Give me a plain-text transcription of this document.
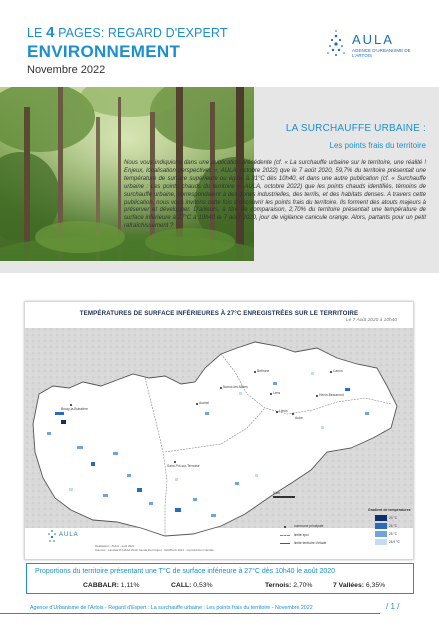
LE 4 PAGES: REGARD D'EXPERT
ENVIRONNEMENT
Novembre 2022
AULA
AGENCE D'URBANISME DE L'ARTOIS
LA SURCHAUFFE URBAINE :
Les points frais du territoire
Nous vous indiquions dans une publication précédente (cf. « La surchauffe urbaine sur le territoire, une réalité ! Enjeux, localisation perspectives », AULA, octobre 2022) que le 7 août 2020, 59,7% du territoire présentait une température de surface supérieure ou égale à 31°C dès 10h40, et dans une autre publication (cf. « Surchauffe urbaine : Les points chauds du territoire », AULA, octobre 2022) que les points chauds identifiés, témoins de surchauffe urbaine, correspondaient à des zones industrielles, des terrils, et des habitats denses. A travers cette publication, nous vous invitons cette fois à découvrir les points frais du territoire. Ils forment des atouts majeurs à préserver et développer. D'ailleurs, à titre de comparaison, 2,70% du territoire présentait une température de surface inférieure à 27°C à 10h40 le 7 août 2020, jour de vigilance canicule orange. Alors, partants pour un petit rafraîchissement ?
TEMPÉRATURES DE SURFACE INFÉRIEURES À 27°C ENREGISTRÉES SUR LE TERRITOIRE
Le 7 Août 2020 à 10h40
Béthune
Bruay-la-Buissière
Lens
Liévin
Hénin-Beaumont
Carvin
Noeux-les-Mines
Auchel
Saint-Pol-sur-Ternoise
Avion
5 km
Gradient de températures
23 °C
24 °C
25 °C
26,9 °C
commune principale
limite epci
limite territoire d'étude
AULA
Réalisation : AULA - août 2022
Sources : Landsat 8 (NASA 2019, bande thermique) - IGN/Paris 2021 - reproduction interdite
Proportions du territoire présentant une T°C de surface inférieure à 27°C dès 10h40 le août 2020
CABBALR: 1,11%	CALL: 0,53%	Ternois: 2,70%	7 Vallées: 6,35%
Agence d'Urbanisme de l'Artois - Regard d'Expert : La surchauffe urbaine : Les points frais du territoire - Novembre 2022	/ 1 /
